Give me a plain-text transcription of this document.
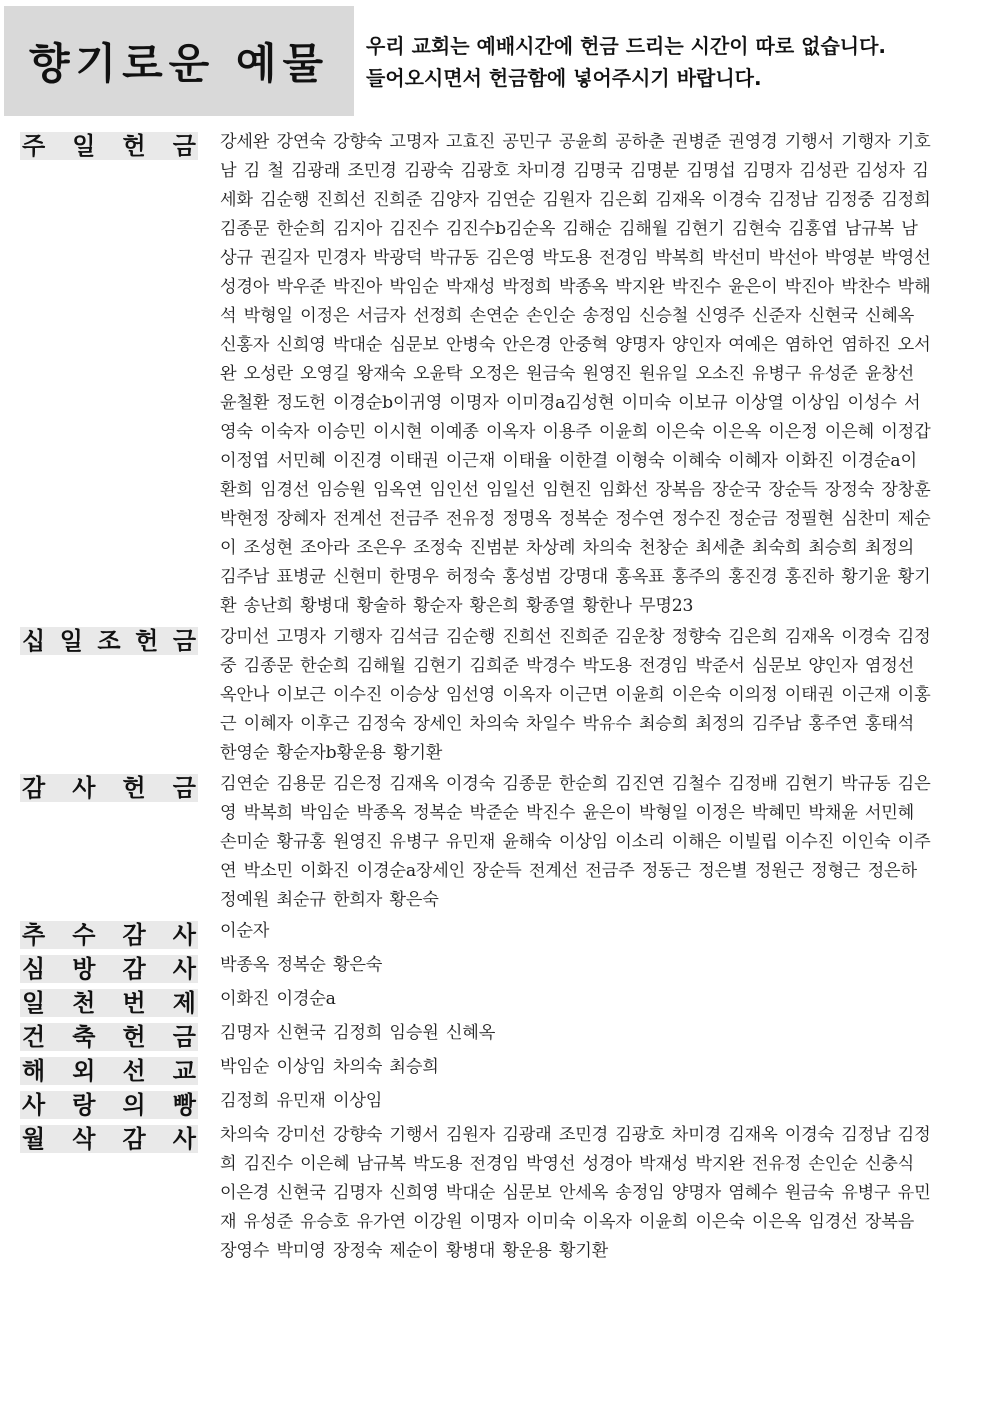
향기로운 예물 우리 교회는 예배시간에 헌금 드리는 시간이 따로 없습니다.
들어오시면서 헌금함에 넣어주시기 바랍니다.
주 일 헌 금 강세완 강연숙 강향숙 고명자 고효진 공민구 공윤희 공하춘 권병준 권영경 기행서 기행자 기호남 김 철 김광래 조민경 김광숙 김광호 차미경 김명국 김명분 김명섭 김명자 김성관 김성자 김세화 김순행 진희선 진희준 김양자 김연순 김원자 김은회 김재옥 이경숙 김정남 김정중 김정희 김종문 한순희 김지아 김진수 김진수b김순옥 김해순 김해월 김현기 김현숙 김홍엽 남규복 남상규 권길자 민경자 박광덕 박규동 김은영 박도용 전경임 박복희 박선미 박선아 박영분 박영선 성경아 박우준 박진아 박임순 박재성 박정희 박종옥 박지완 박진수 윤은이 박진아 박찬수 박해석 박형일 이정은 서금자 선정희 손연순 손인순 송정임 신승철 신영주 신준자 신현국 신혜옥 신홍자 신희영 박대순 심문보 안병숙 안은경 안중혁 양명자 양인자 여예은 염하언 염하진 오서완 오성란 오영길 왕재숙 오윤탁 오정은 원금숙 원영진 원유일 오소진 유병구 유성준 윤창선 윤철환 정도헌 이경순b이귀영 이명자 이미경a김성현 이미숙 이보규 이상열 이상임 이성수 서영숙 이숙자 이승민 이시현 이예종 이옥자 이용주 이윤희 이은숙 이은옥 이은정 이은혜 이정갑 이정엽 서민혜 이진경 이태권 이근재 이태율 이한결 이형숙 이혜숙 이혜자 이화진 이경순a이환희 임경선 임승원 임옥연 임인선 임일선 임현진 임화선 장복음 장순국 장순득 장정숙 장창훈 박현정 장혜자 전계선 전금주 전유정 정명옥 정복순 정수연 정수진 정순금 정필현 심찬미 제순이 조성현 조아라 조은우 조정숙 진범분 차상례 차의숙 천창순 최세춘 최숙희 최승희 최정의 김주남 표병균 신현미 한명우 허정숙 홍성범 강명대 홍옥표 홍주의 홍진경 홍진하 황기윤 황기환 송난희 황병대 황술하 황순자 황은희 황종열 황한나 무명23
십 일 조 헌 금 강미선 고명자 기행자 김석금 김순행 진희선 진희준 김운창 정향숙 김은희 김재옥 이경숙 김정중 김종문 한순희 김해월 김현기 김희준 박경수 박도용 전경임 박준서 심문보 양인자 염정선 옥안나 이보근 이수진 이승상 임선영 이옥자 이근면 이윤희 이은숙 이의정 이태권 이근재 이홍근 이혜자 이후근 김정숙 장세인 차의숙 차일수 박유수 최승희 최정의 김주남 홍주연 홍태석 한영순 황순자b황운용 황기환
감 사 헌 금 김연순 김용문 김은정 김재옥 이경숙 김종문 한순희 김진연 김철수 김정배 김현기 박규동 김은영 박복희 박임순 박종옥 정복순 박준순 박진수 윤은이 박형일 이정은 박혜민 박채윤 서민혜 손미순 황규홍 원영진 유병구 유민재 윤해숙 이상임 이소리 이해은 이빌립 이수진 이인숙 이주연 박소민 이화진 이경순a장세인 장순득 전계선 전금주 정동근 정은별 정원근 정형근 정은하 정예원 최순규 한희자 황은숙
추 수 감 사 이순자
심 방 감 사 박종옥 정복순 황은숙
일 천 번 제 이화진 이경순a
건 축 헌 금 김명자 신현국 김정희 임승원 신혜옥
해 외 선 교 박임순 이상임 차의숙 최승희
사 랑 의 빵 김정희 유민재 이상임
월 삭 감 사 차의숙 강미선 강향숙 기행서 김원자 김광래 조민경 김광호 차미경 김재옥 이경숙 김정남 김정희 김진수 이은혜 남규복 박도용 전경임 박영선 성경아 박재성 박지완 전유정 손인순 신충식 이은경 신현국 김명자 신희영 박대순 심문보 안세옥 송정임 양명자 염혜수 원금숙 유병구 유민재 유성준 유승호 유가연 이강원 이명자 이미숙 이옥자 이윤희 이은숙 이은옥 임경선 장복음 장영수 박미영 장정숙 제순이 황병대 황운용 황기환
